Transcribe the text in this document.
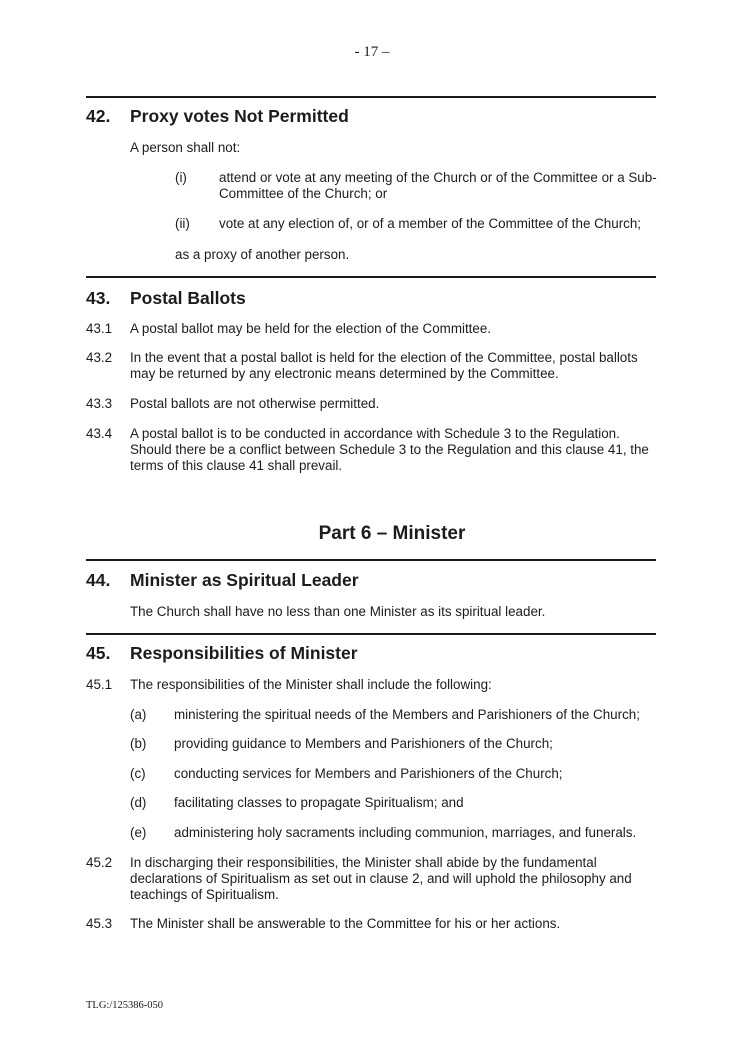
- 17 –
42. Proxy votes Not Permitted
A person shall not:
(i) attend or vote at any meeting of the Church or of the Committee or a Sub-Committee of the Church; or
(ii) vote at any election of, or of a member of the Committee of the Church;
as a proxy of another person.
43. Postal Ballots
43.1 A postal ballot may be held for the election of the Committee.
43.2 In the event that a postal ballot is held for the election of the Committee, postal ballots may be returned by any electronic means determined by the Committee.
43.3 Postal ballots are not otherwise permitted.
43.4 A postal ballot is to be conducted in accordance with Schedule 3 to the Regulation. Should there be a conflict between Schedule 3 to the Regulation and this clause 41, the terms of this clause 41 shall prevail.
Part 6 – Minister
44. Minister as Spiritual Leader
The Church shall have no less than one Minister as its spiritual leader.
45. Responsibilities of Minister
45.1 The responsibilities of the Minister shall include the following:
(a) ministering the spiritual needs of the Members and Parishioners of the Church;
(b) providing guidance to Members and Parishioners of the Church;
(c) conducting services for Members and Parishioners of the Church;
(d) facilitating classes to propagate Spiritualism; and
(e) administering holy sacraments including communion, marriages, and funerals.
45.2 In discharging their responsibilities, the Minister shall abide by the fundamental declarations of Spiritualism as set out in clause 2, and will uphold the philosophy and teachings of Spiritualism.
45.3 The Minister shall be answerable to the Committee for his or her actions.
TLG:/125386-050
